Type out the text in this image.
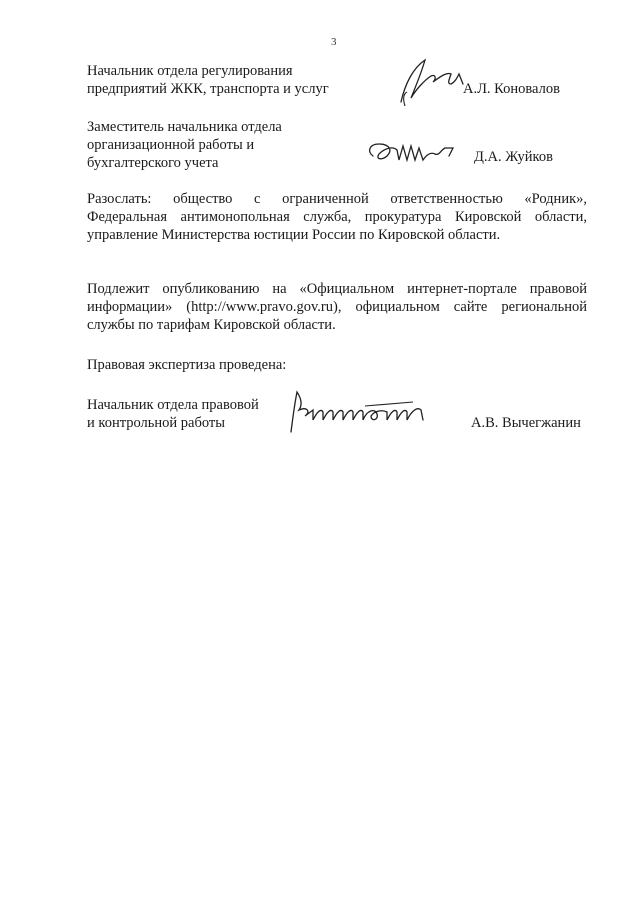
3
Начальник отдела регулирования
предприятий ЖКК, транспорта и услуг	А.Л. Коновалов
Заместитель начальника отдела
организационной работы и
бухгалтерского учета	Д.А. Жуйков
Разослать: общество с ограниченной ответственностью «Родник»,
Федеральная антимонопольная служба, прокуратура Кировской области,
управление Министерства юстиции России по Кировской области.
Подлежит опубликованию на «Официальном интернет-портале правовой
информации» (http://www.pravo.gov.ru), официальном сайте региональной
службы по тарифам Кировской области.
Правовая экспертиза проведена:
Начальник отдела правовой
и контрольной работы	А.В. Вычегжанин
